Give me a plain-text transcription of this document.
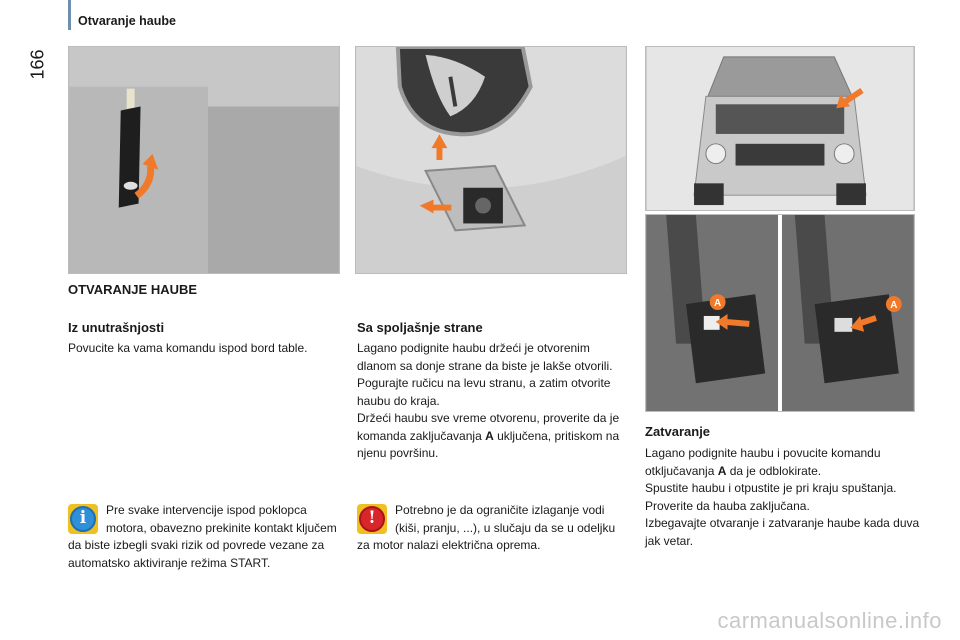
166
Otvaranje haube
A	A
OTVARANJE HAUBE
Iz unutrašnjosti
Povucite ka vama komandu ispod bord table.
Sa spoljašnje strane
Lagano podignite haubu držeći je otvorenim dlanom sa donje strane da biste je lakše otvorili.
Pogurajte ručicu na levu stranu, a zatim otvorite haubu do kraja.
Držeći haubu sve vreme otvorenu, proverite da je komanda zaključavanja A uključena, pritiskom na njenu površinu.
Zatvaranje
Lagano podignite haubu i povucite komandu otključavanja A da je odblokirate.
Spustite haubu i otpustite je pri kraju spuštanja. Proverite da hauba zaključana.
Izbegavajte otvaranje i zatvaranje haube kada duva jak vetar.
i	Pre svake intervencije ispod poklopca motora, obavezno prekinite kontakt ključem da biste izbegli svaki rizik od povrede vezane za automatsko aktiviranje režima START.
!	Potrebno je da ograničite izlaganje vodi (kiši, pranju, ...), u slučaju da se u odeljku za motor nalazi električna oprema.
carmanualsonline.info
